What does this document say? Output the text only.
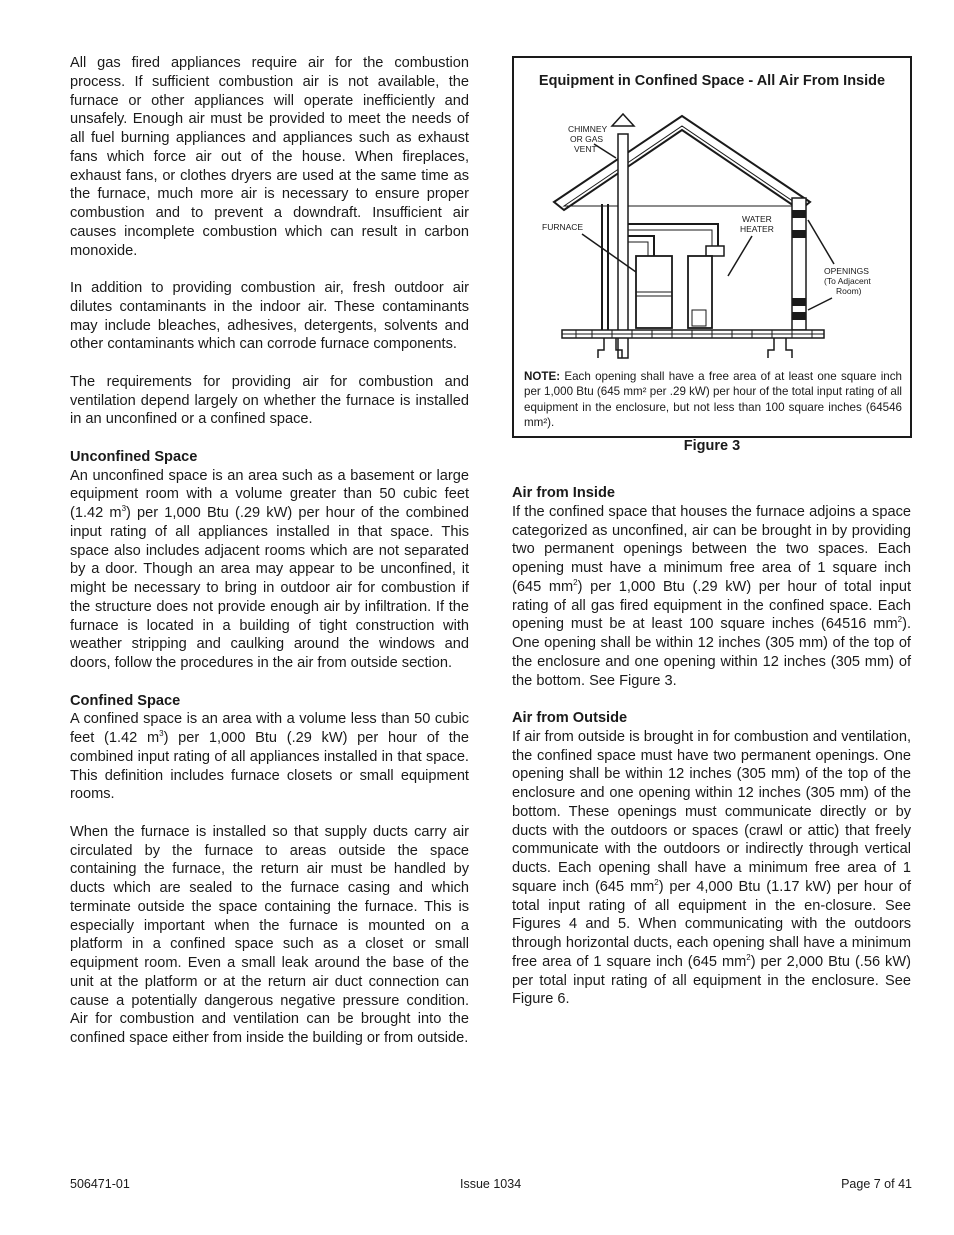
All gas fired appliances require air for the combustion process. If sufficient combustion air is not available, the furnace or other appliances will operate inefficiently and unsafely. Enough air must be provided to meet the needs of all fuel burning appliances and appliances such as exhaust fans which force air out of the house. When fireplaces, exhaust fans, or clothes dryers are used at the same time as the furnace, much more air is necessary to ensure proper combustion and to prevent a downdraft. Insufficient air causes incomplete combustion which can result in carbon monoxide.

In addition to providing combustion air, fresh outdoor air dilutes contaminants in the indoor air. These contaminants may include bleaches, adhesives, detergents, solvents and other contaminants which can corrode furnace components.

The requirements for providing air for combustion and ventilation depend largely on whether the furnace is installed in an unconfined or a confined space.

Unconfined Space

An unconfined space is an area such as a basement or large equipment room with a volume greater than 50 cubic feet (1.42 $m^3$) per 1,000 Btu (.29 kW) per hour of the combined input rating of all appliances installed in that space. This space also includes adjacent rooms which are not separated by a door. Though an area may appear to be unconfined, it might be necessary to bring in outdoor air for combustion if the structure does not provide enough air by infiltration. If the furnace is located in a building of tight construction with weather stripping and caulking around the windows and doors, follow the procedures in the air from outside section.

Confined Space

A confined space is an area with a volume less than 50 cubic feet (1.42 $m^3$) per 1,000 Btu (.29 kW) per hour of the combined input rating of all appliances installed in that space. This definition includes furnace closets or small equipment rooms.

When the furnace is installed so that supply ducts carry air circulated by the furnace to areas outside the space containing the furnace, the return air must be handled by ducts which are sealed to the furnace casing and which terminate outside the space containing the furnace. This is especially important when the furnace is mounted on a platform in a confined space such as a closet or small equipment room. Even a small leak around the base of the unit at the platform or at the return air duct connection can cause a potentially dangerous negative pressure condition. Air for combustion and ventilation can be brought into the confined space either from inside the building or from outside.

Equipment in Confined Space - All Air From Inside
CHIMNEY
OR GAS
VENT
FURNACE
WATER
HEATER
OPENINGS
(To Adjacent
Room)
NOTE: Each opening shall have a free area of at least one square inch per 1,000 Btu (645 mm² per .29 kW) per hour of the total input rating of all equipment in the enclosure, but not less than 100 square inches (64546 mm²).
Figure 3
Air from Inside

If the confined space that houses the furnace adjoins a space categorized as unconfined, air can be brought in by providing two permanent openings between the two spaces. Each opening must have a minimum free area of 1 square inch (645 $mm^2$) per 1,000 Btu (.29 kW) per hour of total input rating of all gas fired equipment in the confined space. Each opening must be at least 100 square inches (64516 $mm^2$). One opening shall be within 12 inches (305 mm) of the top of the enclosure and one opening within 12 inches (305 mm) of the bottom. See Figure 3.

Air from Outside

If air from outside is brought in for combustion and ventilation, the confined space must have two permanent openings. One opening shall be within 12 inches (305 mm) of the top of the enclosure and one opening within 12 inches (305 mm) of the bottom. These openings must communicate directly or by ducts with the outdoors or spaces (crawl or attic) that freely communicate with the outdoors or indirectly through vertical ducts. Each opening shall have a minimum free area of 1 square inch (645 $mm^2$) per 4,000 Btu (1.17 kW) per hour of total input rating of all equipment in the en-closure. See Figures 4 and 5. When communicating with the outdoors through horizontal ducts, each opening shall have a minimum free area of 1 square inch (645 $mm^2$) per 2,000 Btu (.56 kW) per total input rating of all equipment in the enclosure. See Figure 6.

506471-01	Issue 1034	Page 7 of 41
